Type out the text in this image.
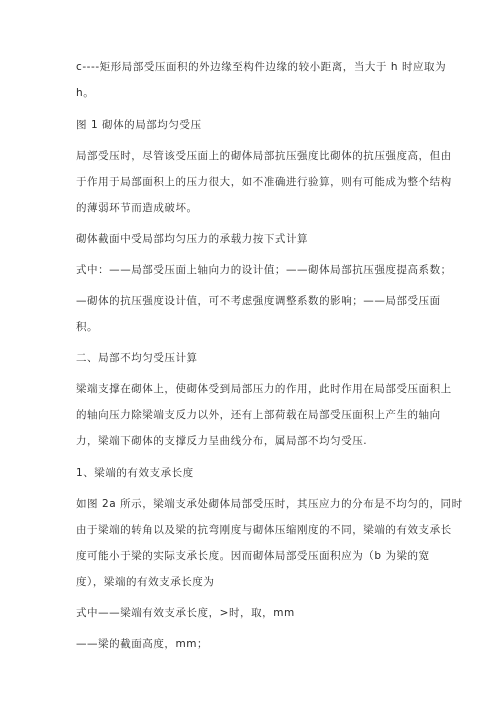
c----矩形局部受压面积的外边缘至构件边缘的较小距离，当大于 h 时应取为
h。
图 1 砌体的局部均匀受压
局部受压时，尽管该受压面上的砌体局部抗压强度比砌体的抗压强度高，但由
于作用于局部面积上的压力很大，如不准确进行验算，则有可能成为整个结构
的薄弱环节而造成破坏。
砌体截面中受局部均匀压力的承载力按下式计算
式中：——局部受压面上轴向力的设计值；——砌体局部抗压强度提高系数；
—砌体的抗压强度设计值，可不考虑强度调整系数的影响；——局部受压面
积。
二、局部不均匀受压计算
梁端支撑在砌体上，使砌体受到局部压力的作用，此时作用在局部受压面积上
的轴向压力除梁端支反力以外，还有上部荷载在局部受压面积上产生的轴向
力，梁端下砌体的支撑反力呈曲线分布，属局部不均匀受压.
1、梁端的有效支承长度
如图 2a 所示，梁端支承处砌体局部受压时，其压应力的分布是不均匀的，同时
由于梁端的转角以及梁的抗弯刚度与砌体压缩刚度的不同，梁端的有效支承长
度可能小于梁的实际支承长度。因而砌体局部受压面积应为（b 为梁的宽
度），梁端的有效支承长度为
式中——梁端有效支承长度，>时，取，mm
——梁的截面高度，mm；
